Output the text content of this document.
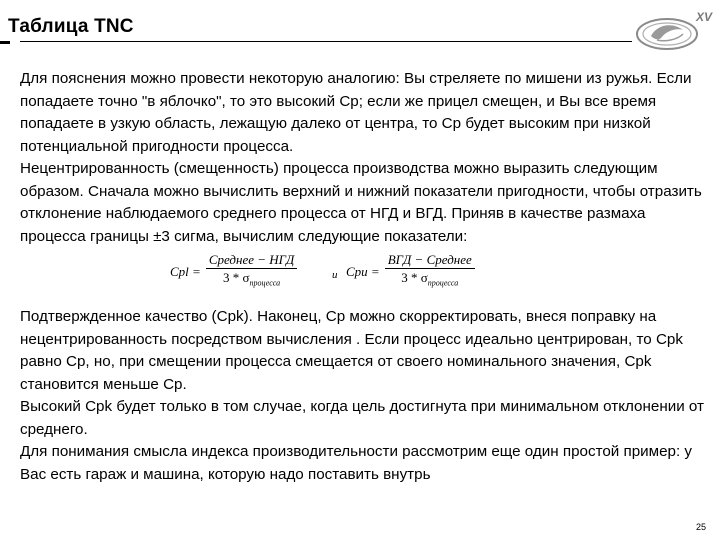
Таблица TNC	XV

Для пояснения можно провести некоторую аналогию: Вы стреляете по мишени из ружья. Если попадаете точно "в яблочко", то это высокий Cp; если же прицел смещен, и Вы все время попадаете в узкую область, лежащую далеко от центра, то Cp будет высоким при низкой потенциальной пригодности процесса.

Нецентрированность (смещенность) процесса производства можно выразить следующим образом. Сначала можно вычислить верхний и нижний показатели пригодности, чтобы отразить отклонение наблюдаемого среднего процесса от НГД и ВГД. Приняв в качестве размаха процесса границы ±3 сигма, вычислим следующие показатели:

Cpl = $\frac{\text{Среднее − НГД}}{3 * \sigma_{процесса}}$	и Cpu = $\frac{\text{ВГД − Среднее}}{3 * \sigma_{процесса}}$

Подтвержденное качество (Cpk). Наконец, Cp можно скорректировать, внеся поправку на нецентрированность посредством вычисления . Если процесс идеально центрирован, то Cpk равно Cp, но, при смещении процесса смещается от своего номинального значения, Cpk становится меньше Cp.

Высокий Cpk будет только в том случае, когда цель достигнута при минимальном отклонении от среднего.

Для понимания смысла индекса производительности рассмотрим еще один простой пример: у Вас есть гараж и машина, которую надо поставить внутрь

25
